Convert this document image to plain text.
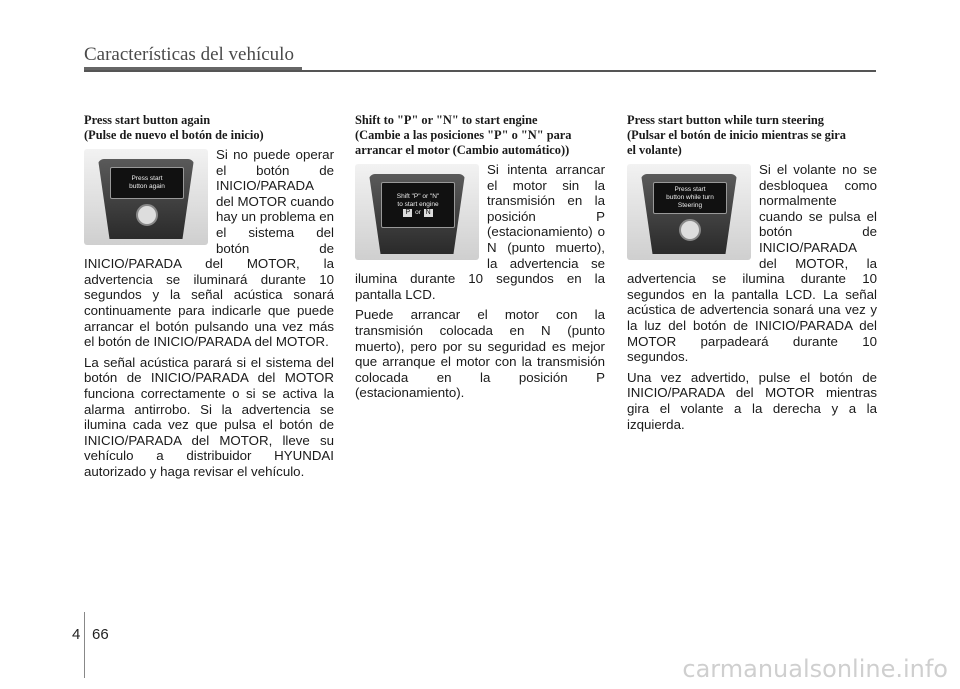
Características del vehículo
Press start button again
(Pulse de nuevo el botón de inicio)
Press start
button again

Si no puede operar el botón de INICIO/PARADA del MOTOR cuando hay un problema en el sistema del botón de INICIO/PARADA del MOTOR, la advertencia se iluminará durante 10 segundos y la señal acústica sonará continuamente para indicarle que puede arrancar el botón pulsando una vez más el botón de INICIO/PARADA del MOTOR.

La señal acústica parará si el sistema del botón de INICIO/PARADA del MOTOR funciona correctamente o si se activa la alarma antirrobo. Si la advertencia se ilumina cada vez que pulsa el botón de INICIO/PARADA del MOTOR, lleve su vehículo a distribuidor HYUNDAI autorizado y haga revisar el vehículo.

Shift to "P" or "N" to start engine
(Cambie a las posiciones "P" o "N" para
arrancar el motor (Cambio automático))
Shift "P" or "N"
to start engine
P or N

Si intenta arrancar el motor sin la transmisión en la posición P (estacionamiento) o N (punto muerto), la advertencia se ilumina durante 10 segundos en la pantalla LCD.

Puede arrancar el motor con la transmisión colocada en N (punto muerto), pero por su seguridad es mejor que arranque el motor con la transmisión colocada en la posición P (estacionamiento).

Press start button while turn steering
(Pulsar el botón de inicio mientras se gira
el volante)
Press start
button while turn
Steering

Si el volante no se desbloquea como normalmente cuando se pulsa el botón de INICIO/PARADA del MOTOR, la advertencia se ilumina durante 10 segundos en la pantalla LCD. La señal acústica de advertencia sonará una vez y la luz del botón de INICIO/PARADA del MOTOR parpadeará durante 10 segundos.

Una vez advertido, pulse el botón de INICIO/PARADA del MOTOR mientras gira el volante a la derecha y a la izquierda.

4 66
carmanualsonline.info
